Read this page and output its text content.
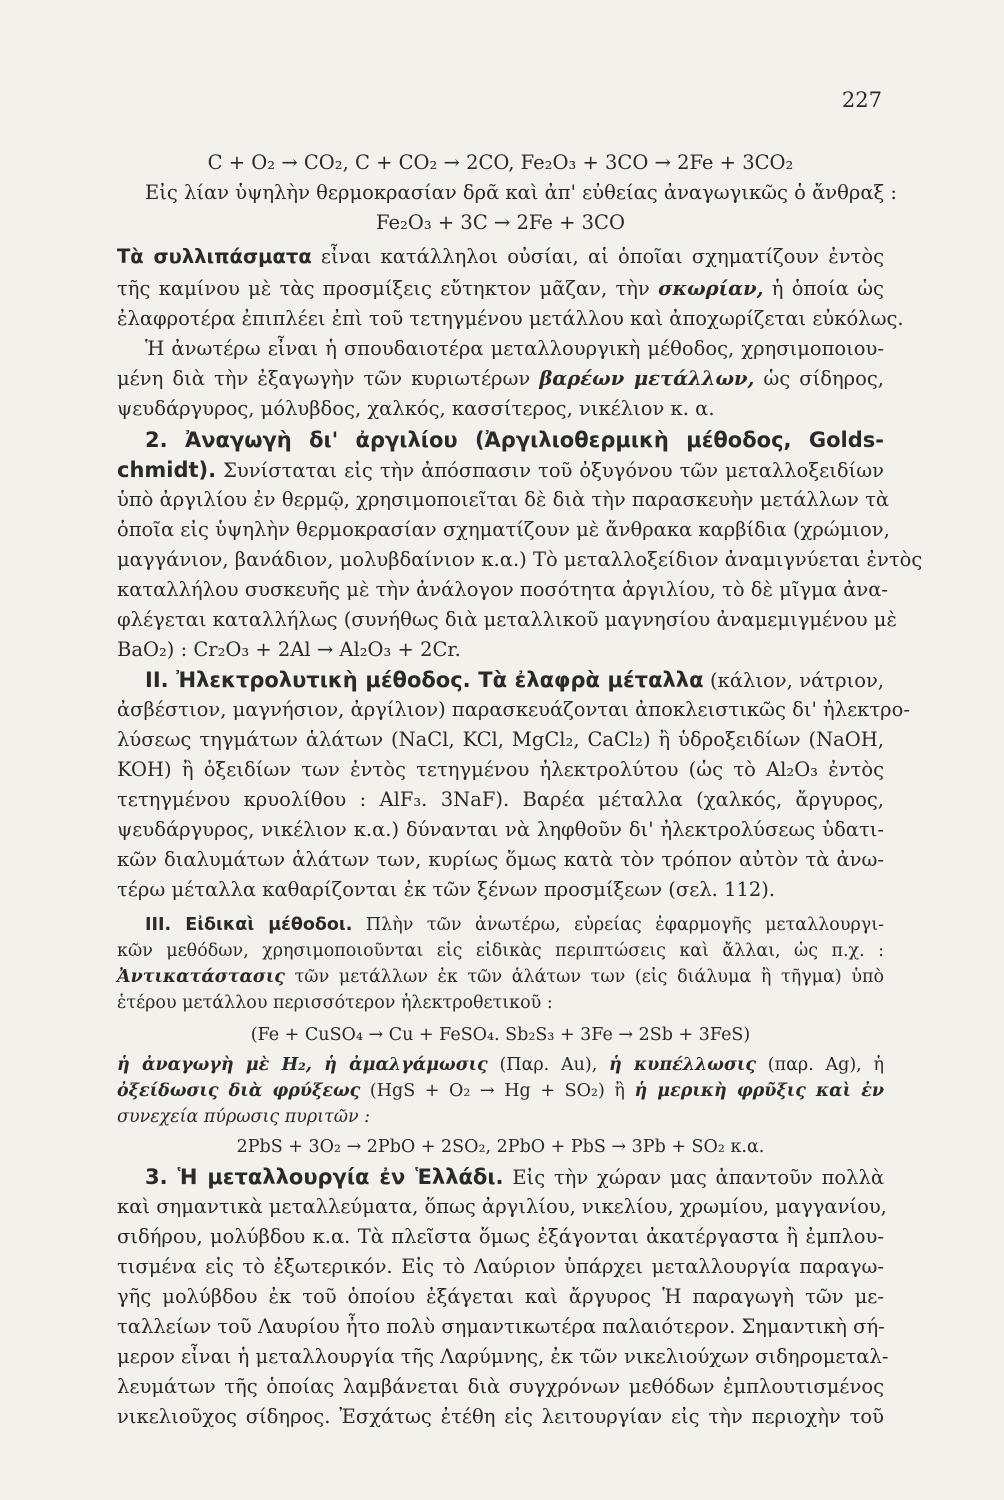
227
C + O₂ → CO₂, C + CO₂ → 2CO, Fe₂O₃ + 3CO → 2Fe + 3CO₂
Εἰς λίαν ὑψηλὴν θερμοκρασίαν δρᾶ καὶ ἀπ' εὐθείας ἀναγωγικῶς ὁ ἄνθραξ :
Fe₂O₃ + 3C → 2Fe + 3CO
Τὰ συλλιπάσματα εἶναι κατάλληλοι οὐσίαι, αἱ ὁποῖαι σχηματίζουν ἐντὸς
τῆς καμίνου μὲ τὰς προσμίξεις εὔτηκτον μᾶζαν, τὴν σκωρίαν, ἡ ὁποία ὡς
ἐλαφροτέρα ἐπιπλέει ἐπὶ τοῦ τετηγμένου μετάλλου καὶ ἀποχωρίζεται εὐκόλως.
Ἡ ἀνωτέρω εἶναι ἡ σπουδαιοτέρα μεταλλουργικὴ μέθοδος, χρησιμοποιου-
μένη διὰ τὴν ἐξαγωγὴν τῶν κυριωτέρων βαρέων μετάλλων, ὡς σίδηρος,
ψευδάργυρος, μόλυβδος, χαλκός, κασσίτερος, νικέλιον κ. α.
2. Ἀναγωγὴ δι' ἀργιλίου (Ἀργιλιοθερμικὴ μέθοδος, Golds-
chmidt). Συνίσταται εἰς τὴν ἀπόσπασιν τοῦ ὀξυγόνου τῶν μεταλλοξειδίων
ὑπὸ ἀργιλίου ἐν θερμῷ, χρησιμοποιεῖται δὲ διὰ τὴν παρασκευὴν μετάλλων τὰ
ὁποῖα εἰς ὑψηλὴν θερμοκρασίαν σχηματίζουν μὲ ἄνθρακα καρβίδια (χρώμιον,
μαγγάνιον, βανάδιον, μολυβδαίνιον κ.α.) Τὸ μεταλλοξείδιον ἀναμιγνύεται ἐντὸς
καταλλήλου συσκευῆς μὲ τὴν ἀνάλογον ποσότητα ἀργιλίου, τὸ δὲ μῖγμα ἀνα-
φλέγεται καταλλήλως (συνήθως διὰ μεταλλικοῦ μαγνησίου ἀναμεμιγμένου μὲ
BaO₂) : Cr₂O₃ + 2Al → Al₂O₃ + 2Cr.
II. Ἠλεκτρολυτικὴ μέθοδος. Τὰ ἐλαφρὰ μέταλλα (κάλιον, νάτριον,
ἀσβέστιον, μαγνήσιον, ἀργίλιον) παρασκευάζονται ἀποκλειστικῶς δι' ἠλεκτρο-
λύσεως τηγμάτων ἁλάτων (NaCl, KCl, MgCl₂, CaCl₂) ἢ ὑδροξειδίων (NaOH,
KOH) ἢ ὀξειδίων των ἐντὸς τετηγμένου ἠλεκτρολύτου (ὡς τὸ Al₂O₃ ἐντὸς
τετηγμένου κρυολίθου : AlF₃. 3NaF). Βαρέα μέταλλα (χαλκός, ἄργυρος,
ψευδάργυρος, νικέλιον κ.α.) δύνανται νὰ ληφθοῦν δι' ἠλεκτρολύσεως ὑδατι-
κῶν διαλυμάτων ἁλάτων των, κυρίως ὅμως κατὰ τὸν τρόπον αὐτὸν τὰ ἀνω-
τέρω μέταλλα καθαρίζονται ἐκ τῶν ξένων προσμίξεων (σελ. 112).
III. Εἰδικαὶ μέθοδοι. Πλὴν τῶν ἀνωτέρω, εὐρείας ἐφαρμογῆς μεταλλουργι-
κῶν μεθόδων, χρησιμοποιοῦνται εἰς εἰδικὰς περιπτώσεις καὶ ἄλλαι, ὡς π.χ. :
Ἀντικατάστασις τῶν μετάλλων ἐκ τῶν ἁλάτων των (εἰς διάλυμα ἢ τῆγμα) ὑπὸ
ἑτέρου μετάλλου περισσότερον ἠλεκτροθετικοῦ :
(Fe + CuSO₄ → Cu + FeSO₄. Sb₂S₃ + 3Fe → 2Sb + 3FeS)
ἡ ἀναγωγὴ μὲ H₂, ἡ ἀμαλγάμωσις (Παρ. Au), ἡ κυπέλλωσις (παρ. Ag), ἡ
ὀξείδωσις διὰ φρύξεως (HgS + O₂ → Hg + SO₂) ἢ ἡ μερικὴ φρῦξις καὶ ἐν
συνεχεία πύρωσις πυριτῶν :
2PbS + 3O₂ → 2PbO + 2SO₂, 2PbO + PbS → 3Pb + SO₂ κ.α.
3. Ἡ μεταλλουργία ἐν Ἑλλάδι. Εἰς τὴν χώραν μας ἀπαντοῦν πολλὰ
καὶ σημαντικὰ μεταλλεύματα, ὅπως ἀργιλίου, νικελίου, χρωμίου, μαγγανίου,
σιδήρου, μολύβδου κ.α. Τὰ πλεῖστα ὅμως ἐξάγονται ἀκατέργαστα ἢ ἐμπλου-
τισμένα εἰς τὸ ἐξωτερικόν. Εἰς τὸ Λαύριον ὑπάρχει μεταλλουργία παραγω-
γῆς μολύβδου ἐκ τοῦ ὁποίου ἐξάγεται καὶ ἄργυρος Ἡ παραγωγὴ τῶν με-
ταλλείων τοῦ Λαυρίου ἦτο πολὺ σημαντικωτέρα παλαιότερον. Σημαντικὴ σή-
μερον εἶναι ἡ μεταλλουργία τῆς Λαρύμνης, ἐκ τῶν νικελιούχων σιδηρομεταλ-
λευμάτων τῆς ὁποίας λαμβάνεται διὰ συγχρόνων μεθόδων ἐμπλουτισμένος
νικελιοῦχος σίδηρος. Ἐσχάτως ἐτέθη εἰς λειτουργίαν εἰς τὴν περιοχὴν τοῦ
